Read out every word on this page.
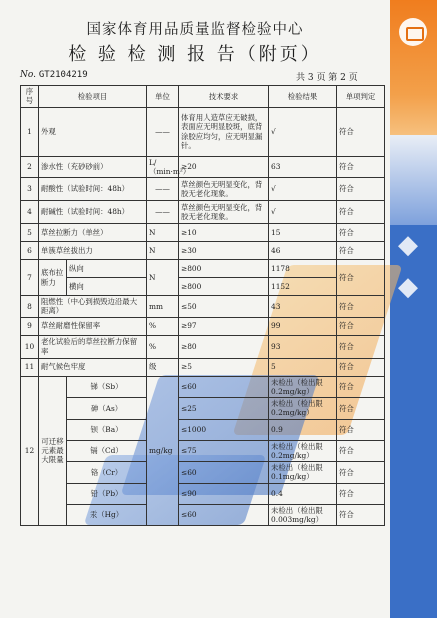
◆
◆
国家体育用品质量监督检验中心
检 验 检 测 报 告（附页）
No. GT2104219	共 3 页 第 2 页
序号	检验项目		单位	技术要求	检验结果	单项判定
1	外观		——	体育用人造草应无破损，表面应无明显胶斑，底背涂胶应均匀，应无明显漏针。	√	符合
2	渗水性（充砂砂前）		L/（min·m²）	≥20	63	符合
3	耐酸性（试验时间：48h）		——	草丝颜色无明显变化，背胶无老化现象。	√	符合
4	耐碱性（试验时间：48h）		——	草丝颜色无明显变化，背胶无老化现象。	√	符合
5	草丝拉断力（单丝）		N	≥10	15	符合
6	单簇草丝拔出力		N	≥30	46	符合
7	底布拉断力	纵向	N	≥800	1178	符合
		横向		≥800	1152	
8	阻燃性（中心到损毁边沿最大距离）		mm	≤50	43	符合
9	草丝耐磨性保留率		%	≥97	99	符合
10	老化试验后的草丝拉断力保留率		%	≥80	93	符合
11	耐气候色牢度		级	≥5	5	符合
12	可迁移元素最大限量	锑（Sb）	mg/kg	≤60	未检出（检出限0.2mg/kg）	符合
		砷（As）		≤25	未检出（检出限0.2mg/kg）	符合
		钡（Ba）		≤1000	0.9	符合
		镉（Cd）		≤75	未检出（检出限0.2mg/kg）	符合
		铬（Cr）		≤60	未检出（检出限0.1mg/kg）	符合
		铅（Pb）		≤90	0.4	符合
		汞（Hg）		≤60	未检出（检出限0.003mg/kg）	符合
